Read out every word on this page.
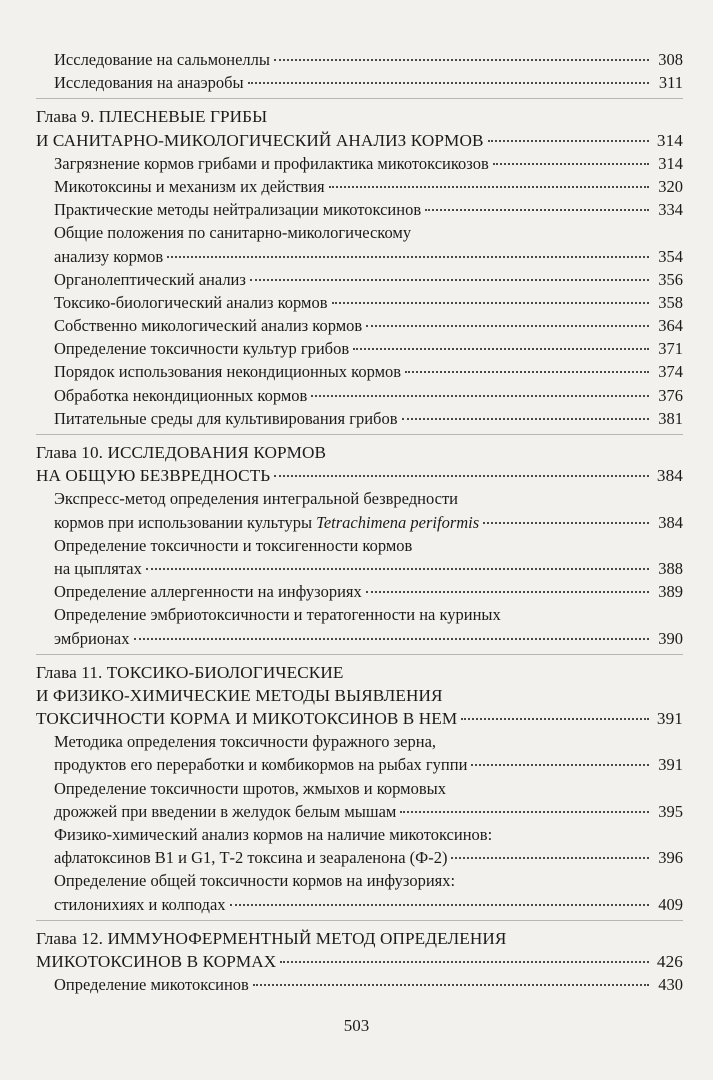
Исследование на сальмонеллы	308
Исследования на анаэробы	311
Глава 9. ПЛЕСНЕВЫЕ ГРИБЫ
И САНИТАРНО-МИКОЛОГИЧЕСКИЙ АНАЛИЗ КОРМОВ	314
Загрязнение кормов грибами и профилактика микотоксикозов	314
Микотоксины и механизм их действия	320
Практические методы нейтрализации микотоксинов	334
Общие положения по санитарно-микологическому
анализу кормов	354
Органолептический анализ	356
Токсико-биологический анализ кормов	358
Собственно микологический анализ кормов	364
Определение токсичности культур грибов	371
Порядок использования некондиционных кормов	374
Обработка некондиционных кормов	376
Питательные среды для культивирования грибов	381
Глава 10. ИССЛЕДОВАНИЯ КОРМОВ
НА ОБЩУЮ БЕЗВРЕДНОСТЬ	384
Экспресс-метод определения интегральной безвредности
кормов при использовании культуры Tetrachimena periformis	384
Определение токсичности и токсигенности кормов
на цыплятах	388
Определение аллергенности на инфузориях	389
Определение эмбриотоксичности и тератогенности на куриных
эмбрионах	390
Глава 11. ТОКСИКО-БИОЛОГИЧЕСКИЕ
И ФИЗИКО-ХИМИЧЕСКИЕ МЕТОДЫ ВЫЯВЛЕНИЯ
ТОКСИЧНОСТИ КОРМА И МИКОТОКСИНОВ В НЕМ	391
Методика определения токсичности фуражного зерна,
продуктов его переработки и комбикормов на рыбах гуппи	391
Определение токсичности шротов, жмыхов и кормовых
дрожжей при введении в желудок белым мышам	395
Физико-химический анализ кормов на наличие микотоксинов:
афлатоксинов В1 и G1, Т-2 токсина и зеараленона (Ф-2)	396
Определение общей токсичности кормов на инфузориях:
стилонихиях и колподах	409
Глава 12. ИММУНОФЕРМЕНТНЫЙ МЕТОД ОПРЕДЕЛЕНИЯ
МИКОТОКСИНОВ В КОРМАХ	426
Определение микотоксинов	430
503
